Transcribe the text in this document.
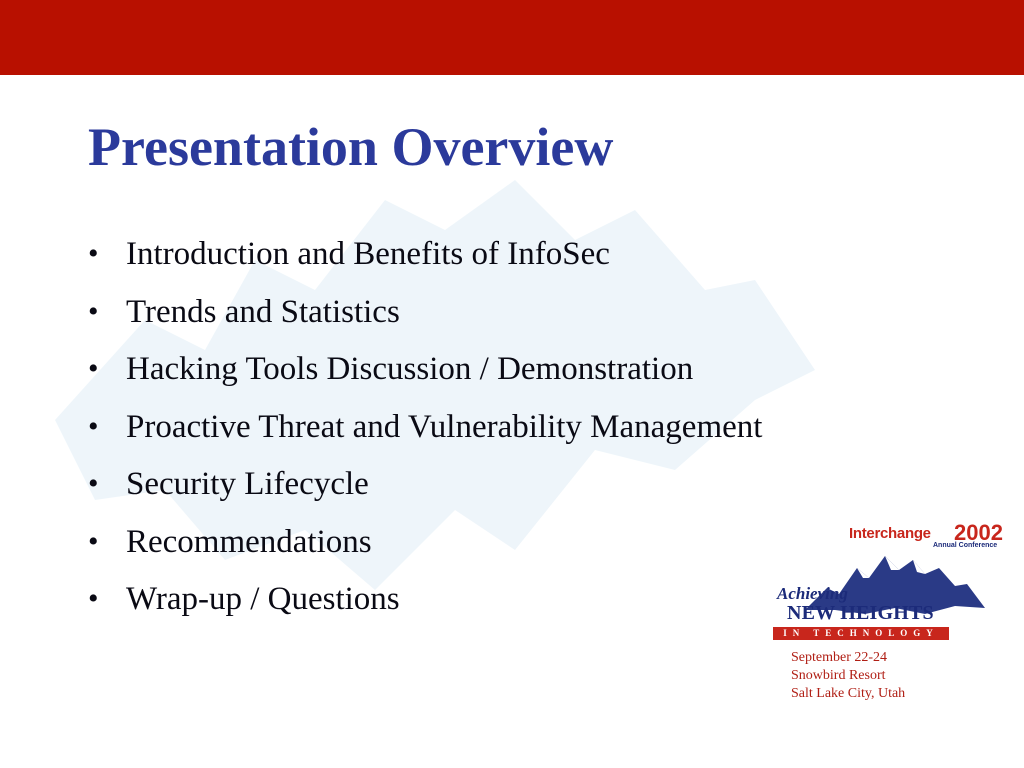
Presentation Overview
• Introduction and Benefits of InfoSec
• Trends and Statistics
• Hacking Tools Discussion / Demonstration
• Proactive Threat and Vulnerability Management
• Security Lifecycle
• Recommendations
• Wrap-up / Questions
Interchange 2002
Annual Conference
Achieving
NEW HEIGHTS
IN TECHNOLOGY
September 22-24
Snowbird Resort
Salt Lake City, Utah
